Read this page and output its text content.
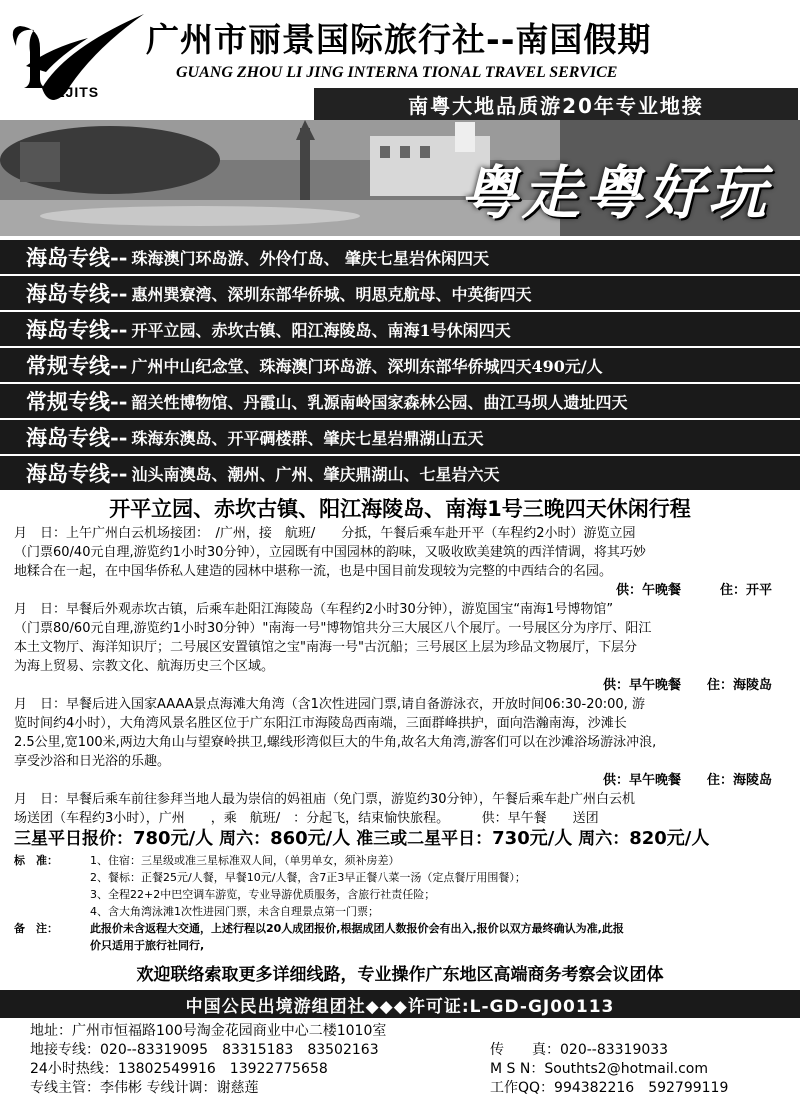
LJITS
广州市丽景国际旅行社--南国假期
GUANG ZHOU LI JING INTERNA TIONAL TRAVEL SERVICE
南粤大地品质游20年专业地接
粤走粤好玩
海岛专线-- 珠海澳门环岛游、外伶仃岛、 肇庆七星岩休闲四天
海岛专线-- 惠州巽寮湾、深圳东部华侨城、明思克航母、中英街四天
海岛专线-- 开平立园、赤坎古镇、阳江海陵岛、南海1号休闲四天
常规专线-- 广州中山纪念堂、珠海澳门环岛游、深圳东部华侨城四天490元/人
常规专线-- 韶关性博物馆、丹霞山、乳源南岭国家森林公园、曲江马坝人遗址四天
海岛专线-- 珠海东澳岛、开平碉楼群、肇庆七星岩鼎湖山五天
海岛专线-- 汕头南澳岛、潮州、广州、肇庆鼎湖山、七星岩六天
开平立园、赤坎古镇、阳江海陵岛、南海1号三晚四天休闲行程

月　日：上午广州白云机场接团：　/广州，接　航班/　　分抵，午餐后乘车赴开平（车程约2小时）游览立园

（门票60/40元自理,游览约1小时30分钟），立园既有中国园林的韵味，又吸收欧美建筑的西洋情调，将其巧妙

地糅合在一起，在中国华侨私人建造的园林中堪称一流，也是中国目前发现较为完整的中西结合的名园。

供：午晚餐　　　住：开平

月　日：早餐后外观赤坎古镇，后乘车赴阳江海陵岛（车程约2小时30分钟），游览国宝“南海1号博物馆”

（门票80/60元自理,游览约1小时30分钟）"南海一号"博物馆共分三大展区八个展厅。一号展区分为序厅、阳江

本土文物厅、海洋知识厅；二号展区安置镇馆之宝"南海一号"古沉船；三号展区上层为珍品文物展厅，下层分

为海上贸易、宗教文化、航海历史三个区域。

供：早午晚餐　　住：海陵岛

月　日：早餐后进入国家AAAA景点海滩大角湾（含1次性进园门票,请自备游泳衣，开放时间06:30-20:00, 游

览时间约4小时），大角湾风景名胜区位于广东阳江市海陵岛西南端，三面群峰拱护，面向浩瀚南海，沙滩长

2.5公里,宽100米,两边大角山与望寮岭拱卫,螺线形湾似巨大的牛角,故名大角湾,游客们可以在沙滩浴场游泳冲浪,

享受沙浴和日光浴的乐趣。

供：早午晚餐　　住：海陵岛

月　日：早餐后乘车前往参拜当地人最为崇信的妈祖庙（免门票，游览约30分钟），午餐后乘车赴广州白云机

场送团（车程约3小时），广州　　，乘　航班/　：分起飞，结束愉快旅程。　　　供：早午餐　　送团

三星平日报价：780元/人 周六：860元/人 准三或二星平日：730元/人 周六：820元/人
标　准：	1、住宿：三星级或准三星标准双人间，（单男单女，须补房差）
2、餐标：正餐25元/人餐，早餐10元/人餐，含7正3早正餐八菜一汤（定点餐厅用围餐）；
3、全程22+2中巴空调车游览，专业导游优质服务，含旅行社责任险；
4、含大角湾泳滩1次性进园门票，未含自理景点第一门票；
备　注：	此报价未含返程大交通，上述行程以20人成团报价,根据成团人数报价会有出入,报价以双方最终确认为准,此报
价只适用于旅行社同行,
欢迎联络索取更多详细线路，专业操作广东地区高端商务考察会议团体
中国公民出境游组团社◆◆◆许可证:L-GD-GJ00113
地址：广州市恒福路100号淘金花园商业中心二楼1010室
地接专线：020--83319095　83315183　83502163	传　　真：020--83319033
24小时热线：13802549916　13922775658	M S N：Southts2@hotmail.com
专线主管：李伟彬 专线计调：谢慈莲	工作QQ：994382216　592799119
